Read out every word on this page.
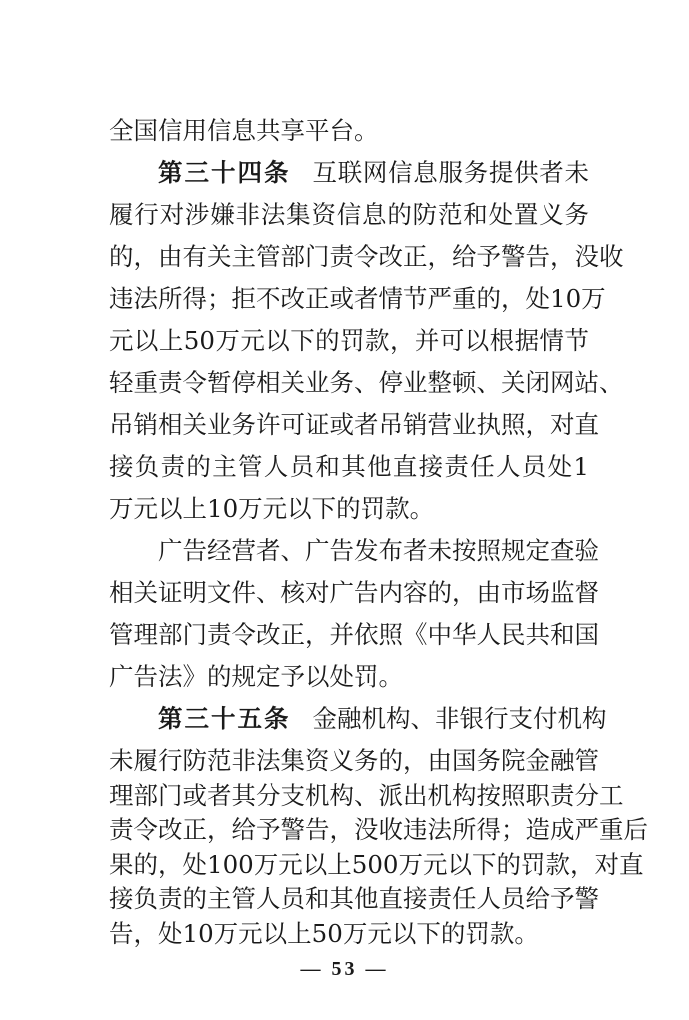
全国信用信息共享平台。
第三十四条 互联网信息服务提供者未
履行对涉嫌非法集资信息的防范和处置义务
的，由有关主管部门责令改正，给予警告，没收
违法所得；拒不改正或者情节严重的，处10万
元以上50万元以下的罚款，并可以根据情节
轻重责令暂停相关业务、停业整顿、关闭网站、
吊销相关业务许可证或者吊销营业执照，对直
接负责的主管人员和其他直接责任人员处1
万元以上10万元以下的罚款。
广告经营者、广告发布者未按照规定查验
相关证明文件、核对广告内容的，由市场监督
管理部门责令改正，并依照《中华人民共和国
广告法》的规定予以处罚。
第三十五条 金融机构、非银行支付机构
— 53 —
未履行防范非法集资义务的，由国务院金融管
理部门或者其分支机构、派出机构按照职责分工
责令改正，给予警告，没收违法所得；造成严重后
果的，处100万元以上500万元以下的罚款，对直
接负责的主管人员和其他直接责任人员给予警
告，处10万元以上50万元以下的罚款。
